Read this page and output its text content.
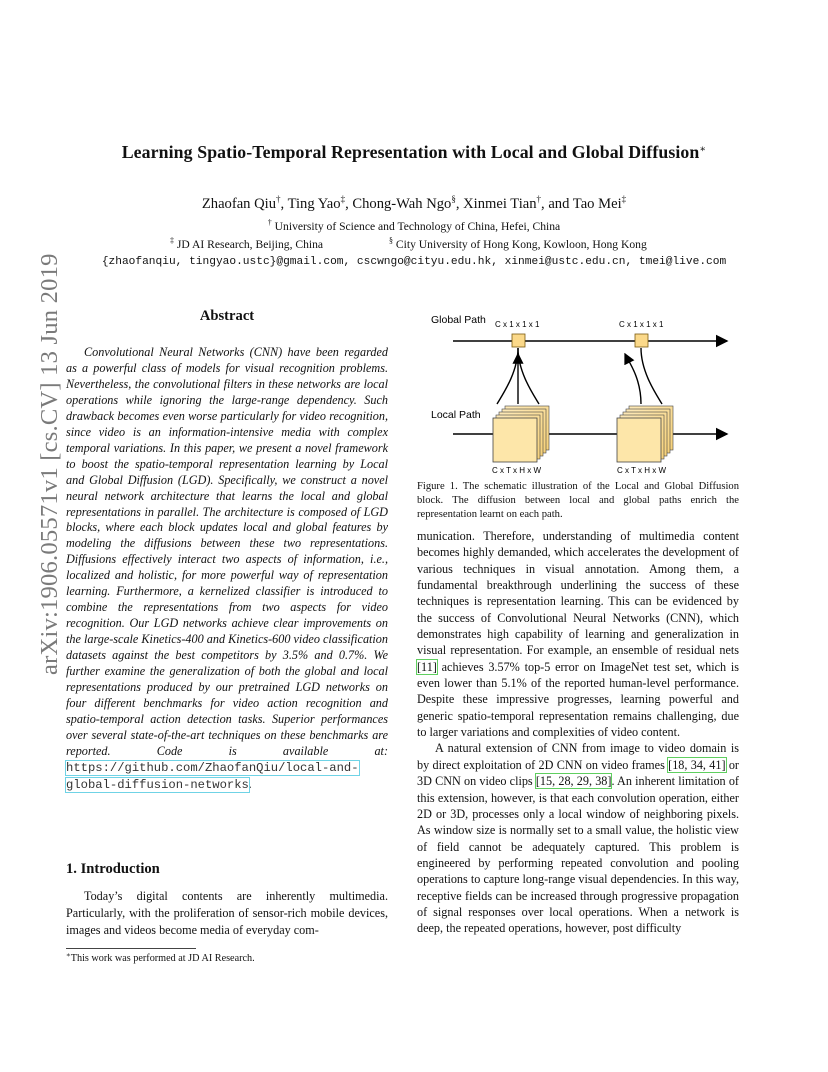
Learning Spatio-Temporal Representation with Local and Global Diffusion∗
Zhaofan Qiu†, Ting Yao‡, Chong-Wah Ngo§, Xinmei Tian†, and Tao Mei‡
† University of Science and Technology of China, Hefei, China
‡ JD AI Research, Beijing, China	§ City University of Hong Kong, Kowloon, Hong Kong
{zhaofanqiu, tingyao.ustc}@gmail.com, cscwngo@cityu.edu.hk, xinmei@ustc.edu.cn, tmei@live.com
arXiv:1906.05571v1 [cs.CV] 13 Jun 2019	Abstract
Convolutional Neural Networks (CNN) have been regarded as a powerful class of models for visual recognition problems. Nevertheless, the convolutional filters in these networks are local operations while ignoring the large-range dependency. Such drawback becomes even worse particularly for video recognition, since video is an information-intensive media with complex temporal variations. In this paper, we present a novel framework to boost the spatio-temporal representation learning by Local and Global Diffusion (LGD). Specifically, we construct a novel neural network architecture that learns the local and global representations in parallel. The architecture is composed of LGD blocks, where each block updates local and global features by modeling the diffusions between these two representations. Diffusions effectively interact two aspects of information, i.e., localized and holistic, for more powerful way of representation learning. Furthermore, a kernelized classifier is introduced to combine the representations from two aspects for video recognition. Our LGD networks achieve clear improvements on the large-scale Kinetics-400 and Kinetics-600 video classification datasets against the best competitors by 3.5% and 0.7%. We further examine the generalization of both the global and local representations produced by our pretrained LGD networks on four different benchmarks for video action recognition and spatio-temporal action detection tasks. Superior performances over several state-of-the-art techniques on these benchmarks are reported. Code is available at: https://github.com/ZhaofanQiu/local-and-global-diffusion-networks.
1. Introduction
Today’s digital contents are inherently multimedia. Particularly, with the proliferation of sensor-rich mobile devices, images and videos become media of everyday com-
∗This work was performed at JD AI Research.
Global Path C x 1 x 1 x 1	C x 1 x 1 x 1
Local Path
C x T x H x W	C x T x H x W
Figure 1. The schematic illustration of the Local and Global Diffusion block. The diffusion between local and global paths enrich the representation learnt on each path.
munication. Therefore, understanding of multimedia content becomes highly demanded, which accelerates the development of various techniques in visual annotation. Among them, a fundamental breakthrough underlining the success of these techniques is representation learning. This can be evidenced by the success of Convolutional Neural Networks (CNN), which demonstrates high capability of learning and generalization in visual representation. For example, an ensemble of residual nets [11] achieves 3.57% top-5 error on ImageNet test set, which is even lower than 5.1% of the reported human-level performance. Despite these impressive progresses, learning powerful and generic spatio-temporal representation remains challenging, due to larger variations and complexities of video content.
A natural extension of CNN from image to video domain is by direct exploitation of 2D CNN on video frames [18, 34, 41] or 3D CNN on video clips [15, 28, 29, 38]. An inherent limitation of this extension, however, is that each convolution operation, either 2D or 3D, processes only a local window of neighboring pixels. As window size is normally set to a small value, the holistic view of field cannot be adequately captured. This problem is engineered by performing repeated convolution and pooling operations to capture long-range visual dependencies. In this way, receptive fields can be increased through progressive propagation of signal responses over local operations. When a network is deep, the repeated operations, however, post difficulty
